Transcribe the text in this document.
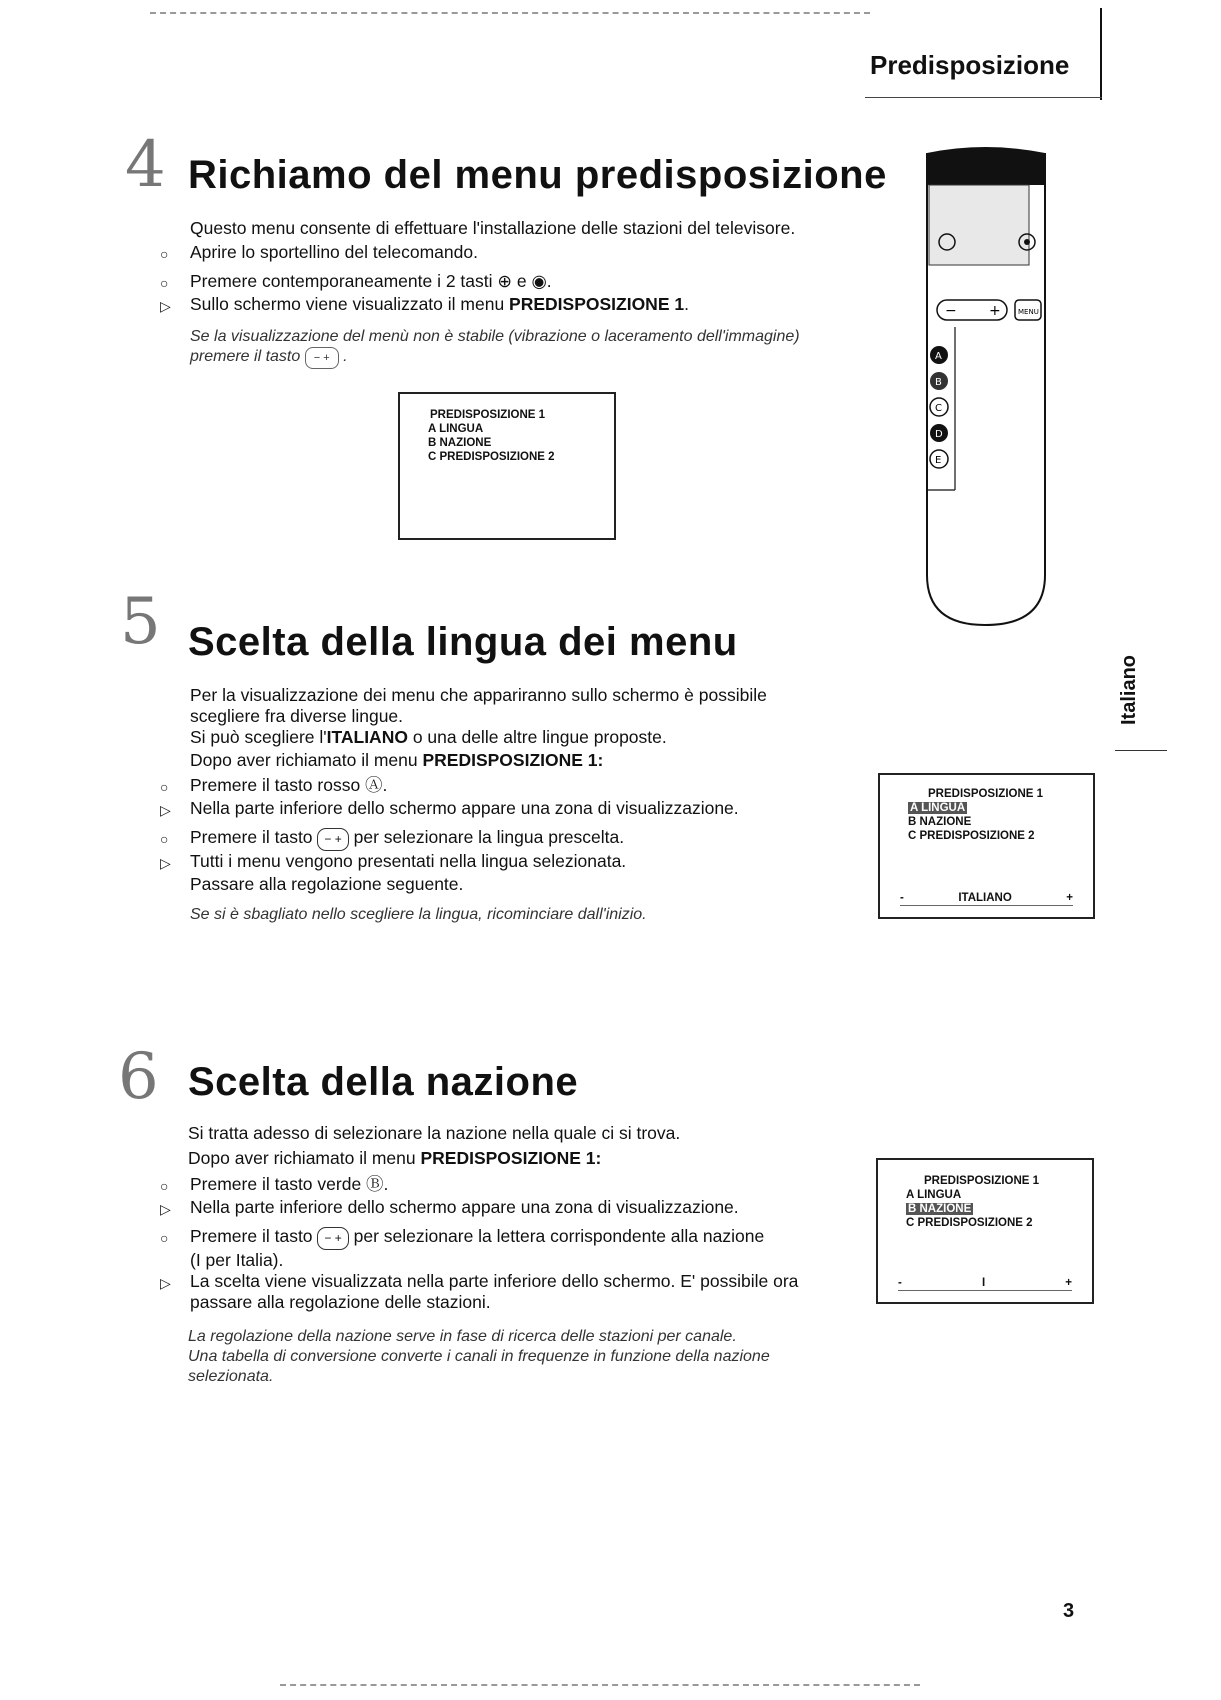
Predisposizione
4 Richiamo del menu predisposizione
Questo menu consente di effettuare l'installazione delle stazioni del televisore.
○	Aprire lo sportellino del telecomando.
○	Premere contemporaneamente i 2 tasti ⊕ e ◉.
▷	Sullo schermo viene visualizzato il menu PREDISPOSIZIONE 1.
Se la visualizzazione del menù non è stabile (vibrazione o laceramento dell'immagine)
premere il tasto − + .
PREDISPOSIZIONE 1
A LINGUA
B NAZIONE
C PREDISPOSIZIONE 2
− + MENU
A
B
C
D
E
Italiano
5 Scelta della lingua dei menu
Per la visualizzazione dei menu che appariranno sullo schermo è possibile
scegliere fra diverse lingue.
Si può scegliere l'ITALIANO o una delle altre lingue proposte.
Dopo aver richiamato il menu PREDISPOSIZIONE 1:
○	Premere il tasto rosso Ⓐ.
▷	Nella parte inferiore dello schermo appare una zona di visualizzazione.
○	Premere il tasto − + per selezionare la lingua prescelta.
▷	Tutti i menu vengono presentati nella lingua selezionata.
Passare alla regolazione seguente.
Se si è sbagliato nello scegliere la lingua, ricominciare dall'inizio.
PREDISPOSIZIONE 1
A LINGUA
B NAZIONE
C PREDISPOSIZIONE 2
-	ITALIANO	+
6 Scelta della nazione
Si tratta adesso di selezionare la nazione nella quale ci si trova.
Dopo aver richiamato il menu PREDISPOSIZIONE 1:
○	Premere il tasto verde Ⓑ.
▷	Nella parte inferiore dello schermo appare una zona di visualizzazione.
○	Premere il tasto − + per selezionare la lettera corrispondente alla nazione
(I per Italia).
▷	La scelta viene visualizzata nella parte inferiore dello schermo. E' possibile ora
passare alla regolazione delle stazioni.
La regolazione della nazione serve in fase di ricerca delle stazioni per canale.
Una tabella di conversione converte i canali in frequenze in funzione della nazione
selezionata.
PREDISPOSIZIONE 1
A LINGUA
B NAZIONE
C PREDISPOSIZIONE 2
-	I	+
3
